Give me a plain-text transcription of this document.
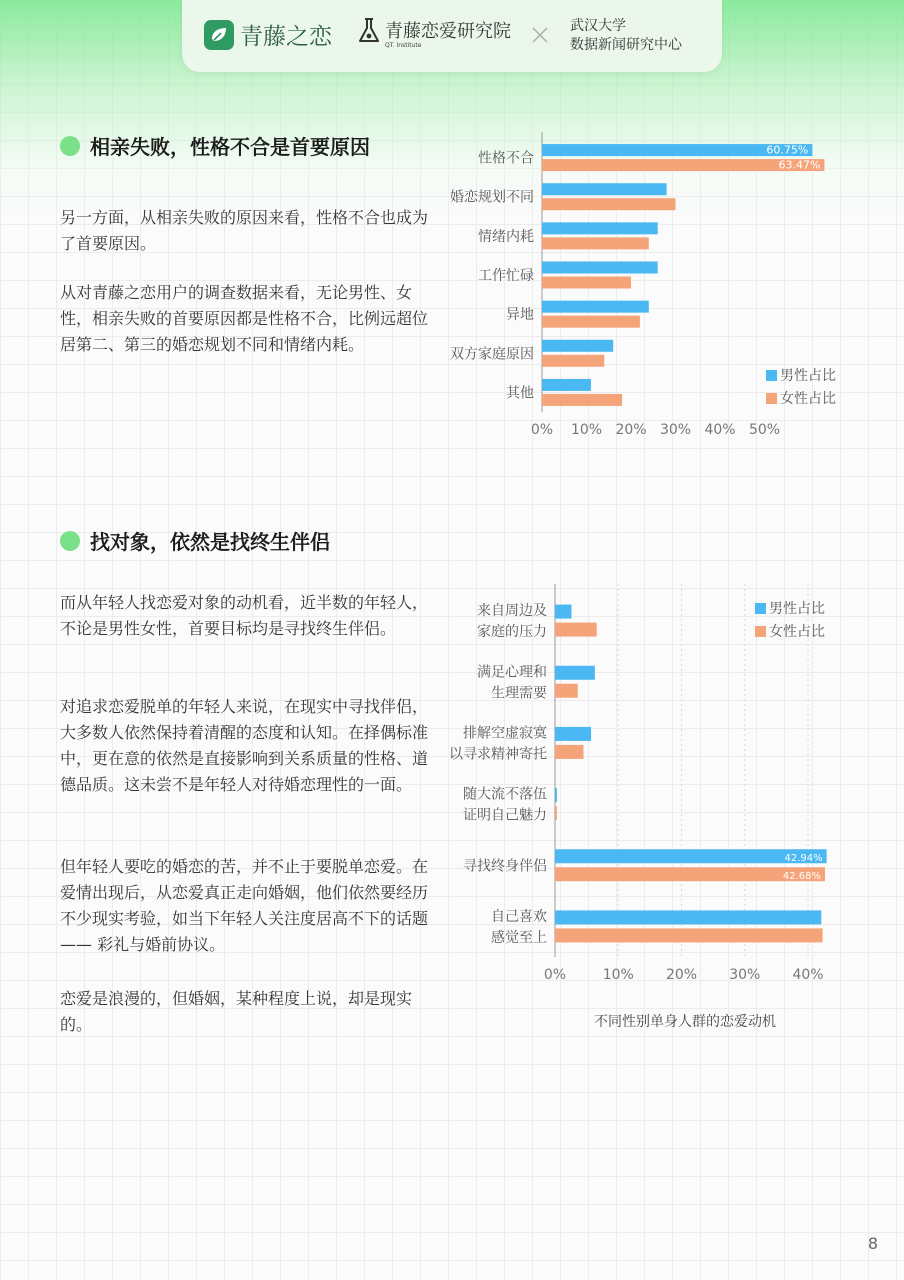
青藤之恋	青藤恋爱研究院
QT. Institute
武汉大学
数据新闻研究中心
相亲失败，性格不合是首要原因

另一方面，从相亲失败的原因来看，性格不合也成为了首要原因。

从对青藤之恋用户的调查数据来看，无论男性、女性，相亲失败的首要原因都是性格不合，比例远超位居第二、第三的婚恋规划不同和情绪内耗。

0% 10% 20% 30% 40% 50%
性格不合
婚恋规划不同
情绪内耗
工作忙碌
异地
双方家庭原因
其他
60.75%
63.47%
男性占比
女性占比
找对象，依然是找终生伴侣

而从年轻人找恋爱对象的动机看，近半数的年轻人，不论是男性女性，首要目标均是寻找终生伴侣。

对追求恋爱脱单的年轻人来说，在现实中寻找伴侣，大多数人依然保持着清醒的态度和认知。在择偶标准中，更在意的依然是直接影响到关系质量的性格、道德品质。这未尝不是年轻人对待婚恋理性的一面。

但年轻人要吃的婚恋的苦，并不止于要脱单恋爱。在爱情出现后，从恋爱真正走向婚姻，他们依然要经历不少现实考验，如当下年轻人关注度居高不下的话题 —— 彩礼与婚前协议。

恋爱是浪漫的，但婚姻，某种程度上说，却是现实的。

0%	10% 20% 30% 40%
来自周边及
家庭的压力
满足心理和
生理需要
排解空虚寂寞
以寻求精神寄托
随大流不落伍
证明自己魅力
寻找终身伴侣
自己喜欢
感觉至上
42.94%
42.68%
男性占比
女性占比
不同性别单身人群的恋爱动机
8
